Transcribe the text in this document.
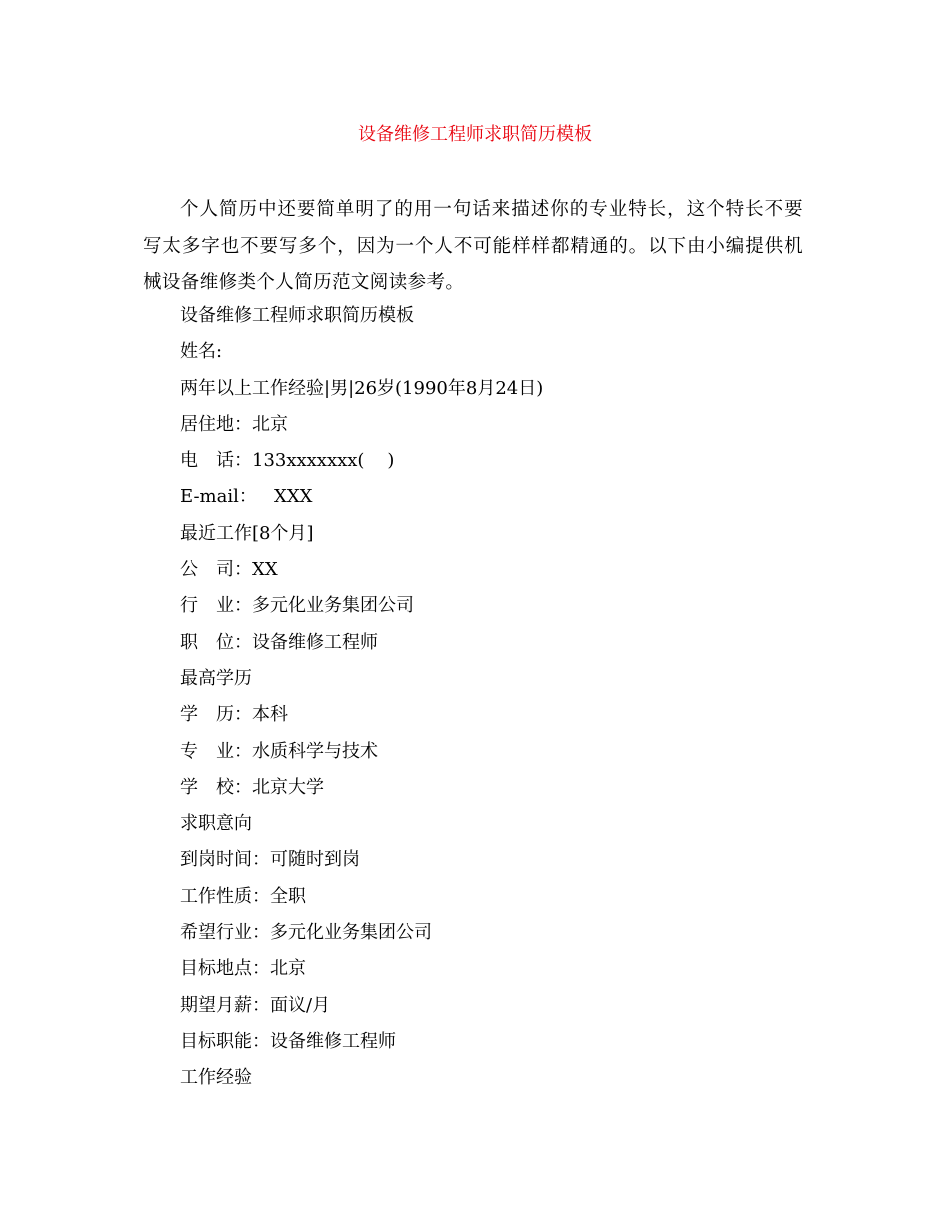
设备维修工程师求职简历模板
个人简历中还要简单明了的用一句话来描述你的专业特长，这个特长不要写太多字也不要写多个，因为一个人不可能样样都精通的。以下由小编提供机械设备维修类个人简历范文阅读参考。
设备维修工程师求职简历模板
姓名:
两年以上工作经验|男|26岁(1990年8月24日)
居住地：北京
电　话：133xxxxxxx(    )
E-mail：   XXX
最近工作[8个月]
公　司：XX
行　业：多元化业务集团公司
职　位：设备维修工程师
最高学历
学　历：本科
专　业：水质科学与技术
学　校：北京大学
求职意向
到岗时间：可随时到岗
工作性质：全职
希望行业：多元化业务集团公司
目标地点：北京
期望月薪：面议/月
目标职能：设备维修工程师
工作经验
